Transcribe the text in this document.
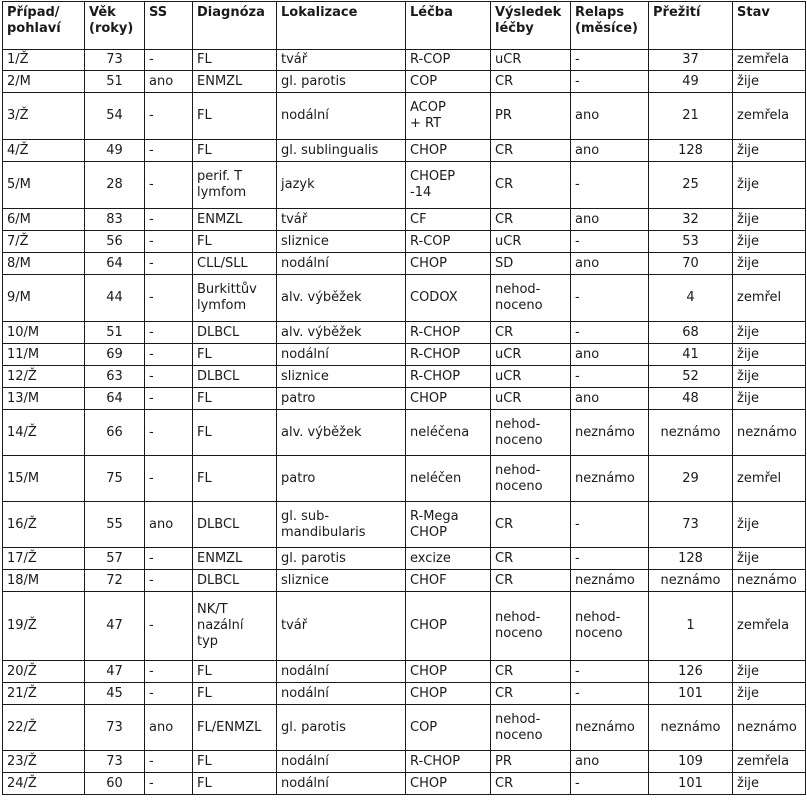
Případ/
pohlaví	Věk
(roky)	SS	Diagnóza	Lokalizace	Léčba	Výsledek
léčby	Relaps
(měsíce)	Přežití	Stav
1/Ž	73	-	FL	tvář	R-COP	uCR	-	37	zemřela
2/M	51	ano	ENMZL	gl. parotis	COP	CR	-	49	žije
3/Ž	54	-	FL	nodální	ACOP
+ RT	PR	ano	21	zemřela
4/Ž	49	-	FL	gl. sublingualis	CHOP	CR	ano	128	žije
5/M	28	-	perif. T
lymfom	jazyk	CHOEP
-14	CR	-	25	žije
6/M	83	-	ENMZL	tvář	CF	CR	ano	32	žije
7/Ž	56	-	FL	sliznice	R-COP	uCR	-	53	žije
8/M	64	-	CLL/SLL	nodální	CHOP	SD	ano	70	žije
9/M	44	-	Burkittův
lymfom	alv. výběžek	CODOX	nehod-
noceno	-	4	zemřel
10/M	51	-	DLBCL	alv. výběžek	R-CHOP	CR	-	68	žije
11/M	69	-	FL	nodální	R-CHOP	uCR	ano	41	žije
12/Ž	63	-	DLBCL	sliznice	R-CHOP	uCR	-	52	žije
13/M	64	-	FL	patro	CHOP	uCR	ano	48	žije
14/Ž	66	-	FL	alv. výběžek	neléčena	nehod-
noceno	neznámo	neznámo	neznámo
15/M	75	-	FL	patro	neléčen	nehod-
noceno	neznámo	29	zemřel
16/Ž	55	ano	DLBCL	gl. sub-
mandibularis	R-Mega
CHOP	CR	-	73	žije
17/Ž	57	-	ENMZL	gl. parotis	excize	CR	-	128	žije
18/M	72	-	DLBCL	sliznice	CHOF	CR	neznámo	neznámo	neznámo
19/Ž	47	-	NK/T
nazální
typ	tvář	CHOP	nehod-
noceno	nehod-
noceno	1	zemřela
20/Ž	47	-	FL	nodální	CHOP	CR	-	126	žije
21/Ž	45	-	FL	nodální	CHOP	CR	-	101	žije
22/Ž	73	ano	FL/ENMZL	gl. parotis	COP	nehod-
noceno	neznámo	neznámo	neznámo
23/Ž	73	-	FL	nodální	R-CHOP	PR	ano	109	zemřela
24/Ž	60	-	FL	nodální	CHOP	CR	-	101	žije
